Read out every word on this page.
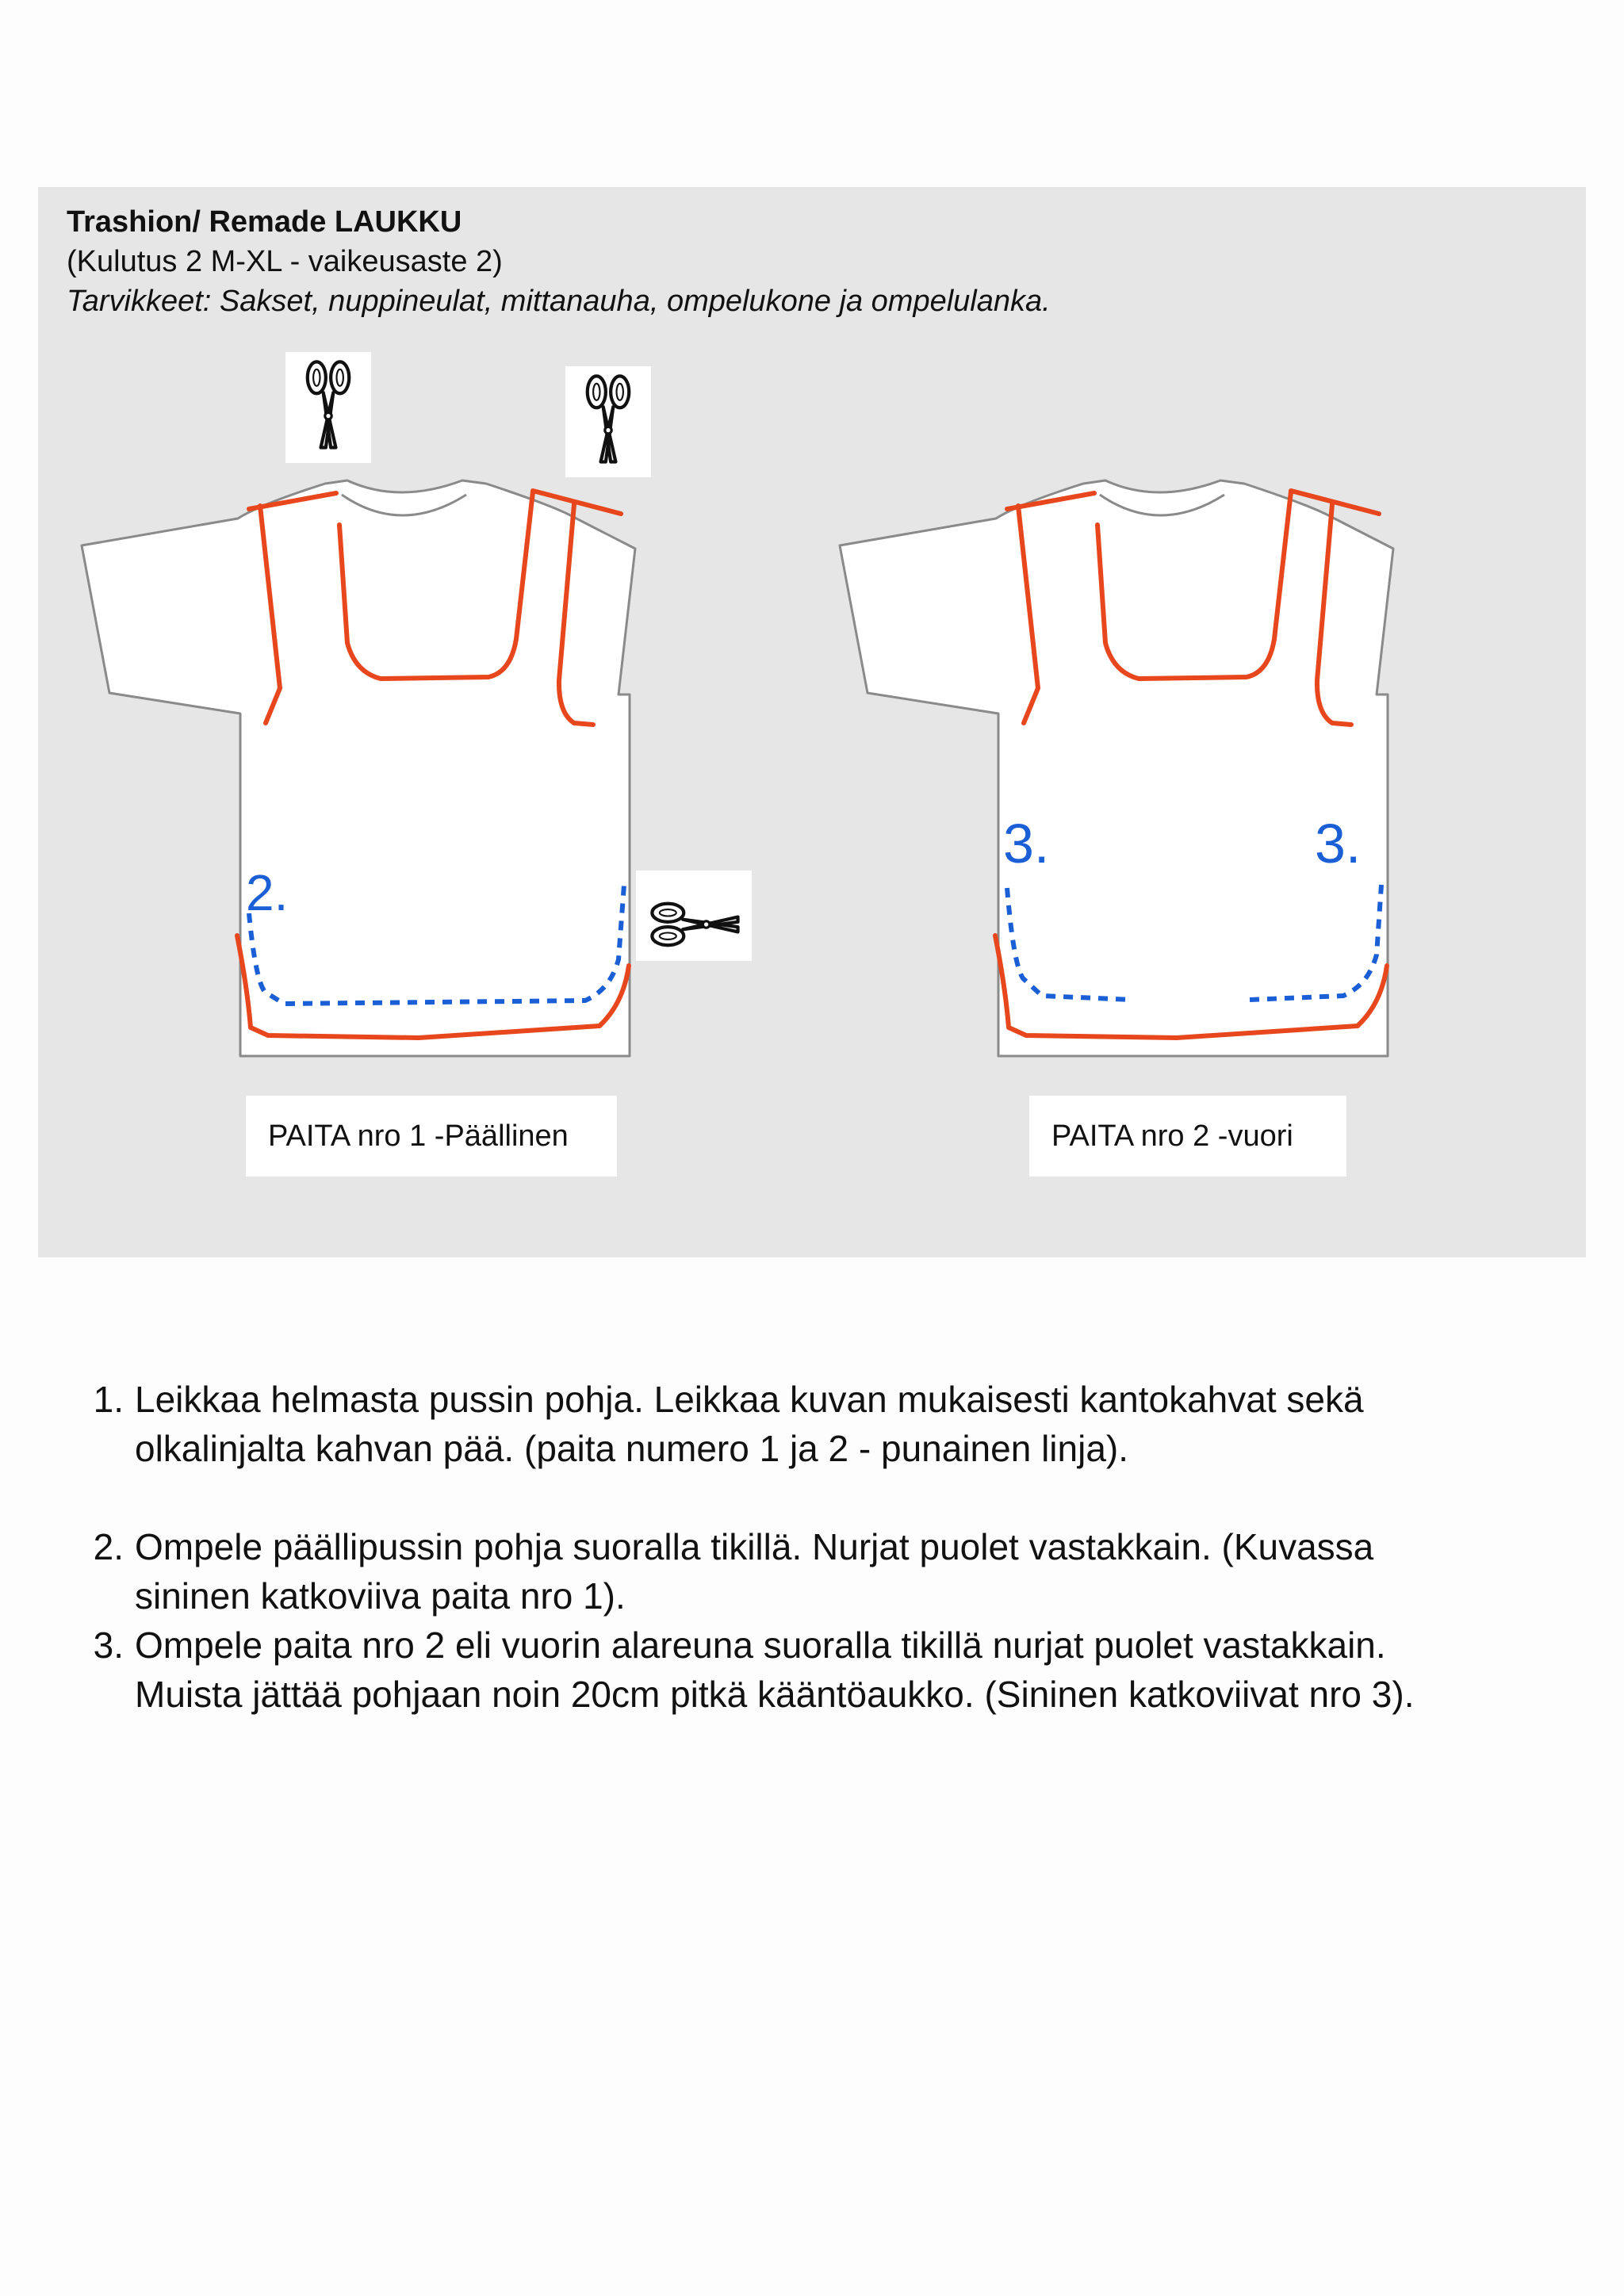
Trashion/ Remade LAUKKU
(Kulutus 2 M-XL - vaikeusaste 2)
Tarvikkeet: Sakset, nuppineulat, mittanauha, ompelukone ja ompelulanka.
2.
3.	3.
PAITA nro 1 -Päällinen	PAITA nro 2 -vuori
1. Leikkaa helmasta pussin pohja. Leikkaa kuvan mukaisesti kantokahvat sekä
olkalinjalta kahvan pää. (paita numero 1 ja 2 - punainen linja).
2. Ompele päällipussin pohja suoralla tikillä. Nurjat puolet vastakkain. (Kuvassa
sininen katkoviiva paita nro 1).
3. Ompele paita nro 2 eli vuorin alareuna suoralla tikillä nurjat puolet vastakkain.
Muista jättää pohjaan noin 20cm pitkä kääntöaukko. (Sininen katkoviivat nro 3).
